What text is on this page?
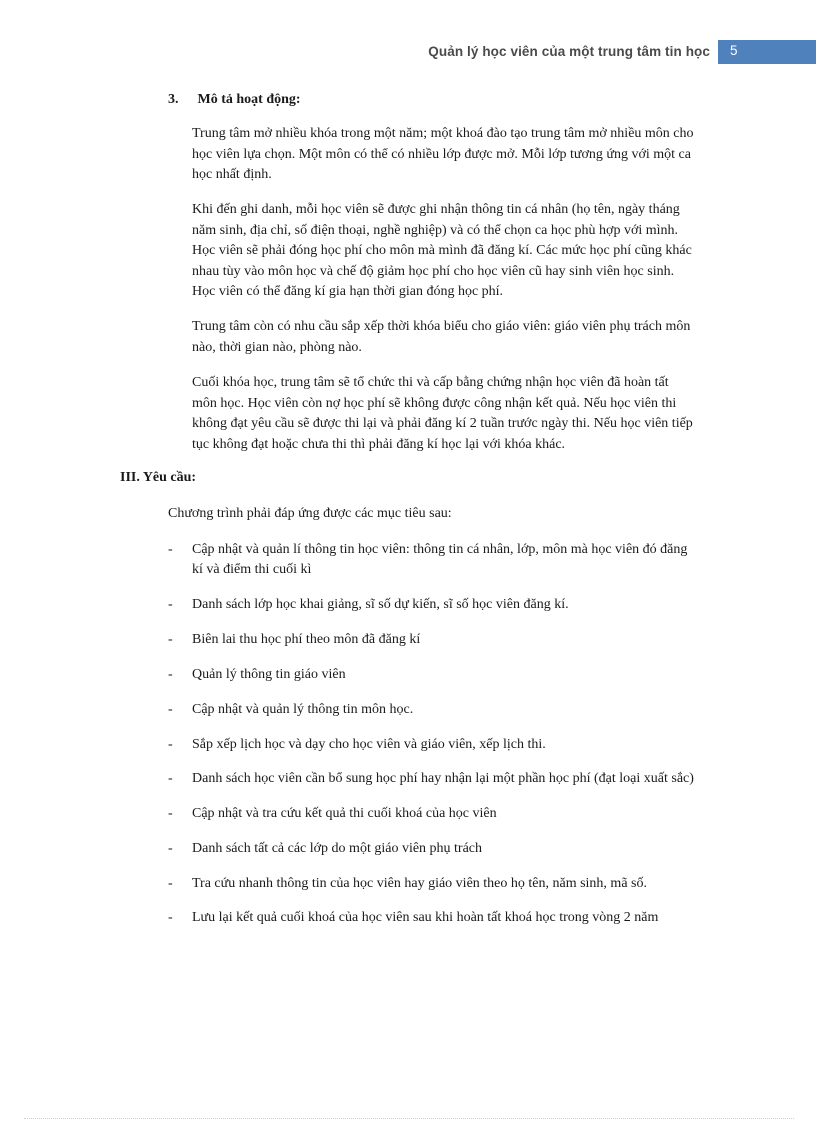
Quản lý học viên của một trung tâm tin học 5
3. Mô tả hoạt động:
Trung tâm mở nhiều khóa trong một năm; một khoá đào tạo trung tâm mở nhiều môn cho
học viên lựa chọn. Một môn có thể có nhiều lớp được mở. Mỗi lớp tương ứng với một ca
học nhất định.
Khi đến ghi danh, mỗi học viên sẽ được ghi nhận thông tin cá nhân (họ tên, ngày tháng
năm sinh, địa chỉ, số điện thoại, nghề nghiệp) và có thể chọn ca học phù hợp với mình.
Học viên sẽ phải đóng học phí cho môn mà mình đã đăng kí. Các mức học phí cũng khác
nhau tùy vào môn học và chế độ giảm học phí cho học viên cũ hay sinh viên học sinh.
Học viên có thể đăng kí gia hạn thời gian đóng học phí.
Trung tâm còn có nhu cầu sắp xếp thời khóa biểu cho giáo viên: giáo viên phụ trách môn
nào, thời gian nào, phòng nào.
Cuối khóa học, trung tâm sẽ tổ chức thi và cấp bằng chứng nhận học viên đã hoàn tất
môn học. Học viên còn nợ học phí sẽ không được công nhận kết quả. Nếu học viên thi
không đạt yêu cầu sẽ được thi lại và phải đăng kí 2 tuần trước ngày thi. Nếu học viên tiếp
tục không đạt hoặc chưa thi thì phải đăng kí học lại với khóa khác.
III. Yêu cầu:
Chương trình phải đáp ứng được các mục tiêu sau:
- Cập nhật và quản lí thông tin học viên: thông tin cá nhân, lớp, môn mà học viên đó đăng
kí và điểm thi cuối kì
- Danh sách lớp học khai giảng, sĩ số dự kiến, sĩ số học viên đăng kí.
- Biên lai thu học phí theo môn đã đăng kí
- Quản lý thông tin giáo viên
- Cập nhật và quản lý thông tin môn học.
- Sắp xếp lịch học và dạy cho học viên và giáo viên, xếp lịch thi.
- Danh sách học viên cần bổ sung học phí hay nhận lại một phần học phí (đạt loại xuất sắc)
- Cập nhật và tra cứu kết quả thi cuối khoá của học viên
- Danh sách tất cả các lớp do một giáo viên phụ trách
- Tra cứu nhanh thông tin của học viên hay giáo viên theo họ tên, năm sinh, mã số.
- Lưu lại kết quả cuối khoá của học viên sau khi hoàn tất khoá học trong vòng 2 năm
